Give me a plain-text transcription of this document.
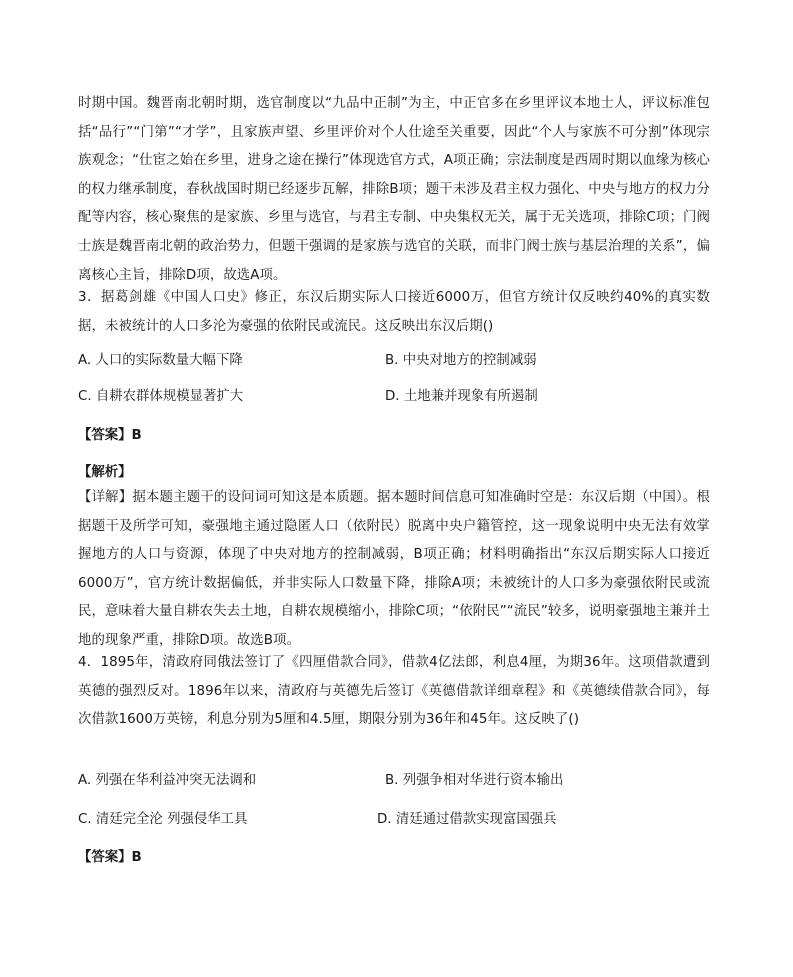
时期中国。魏晋南北朝时期，选官制度以“九品中正制”为主，中正官多在乡里评议本地士人，评议标准包括“品行”“门第”“才学”，且家族声望、乡里评价对个人仕途至关重要，因此“个人与家族不可分割”体现宗族观念；“仕宦之始在乡里，进身之途在操行”体现选官方式，A项正确；宗法制度是西周时期以血缘为核心的权力继承制度，春秋战国时期已经逐步瓦解，排除B项；题干未涉及君主权力强化、中央与地方的权力分配等内容，核心聚焦的是家族、乡里与选官，与君主专制、中央集权无关，属于无关选项，排除C项；门阀士族是魏晋南北朝的政治势力，但题干强调的是家族与选官的关联，而非门阀士族与基层治理的关系”，偏离核心主旨，排除D项，故选A项。

3．据葛剑雄《中国人口史》修正，东汉后期实际人口接近6000万，但官方统计仅反映约40%的真实数据，未被统计的人口多沦为豪强的依附民或流民。这反映出东汉后期()

A. 人口的实际数量大幅下降	B. 中央对地方的控制减弱

C. 自耕农群体规模显著扩大	D. 土地兼并现象有所遏制

【答案】B

【解析】

【详解】据本题主题干的设问词可知这是本质题。据本题时间信息可知准确时空是：东汉后期（中国）。根据题干及所学可知，豪强地主通过隐匿人口（依附民）脱离中央户籍管控，这一现象说明中央无法有效掌握地方的人口与资源，体现了中央对地方的控制减弱，B项正确；材料明确指出“东汉后期实际人口接近6000万”，官方统计数据偏低，并非实际人口数量下降，排除A项；未被统计的人口多为豪强依附民或流民，意味着大量自耕农失去土地，自耕农规模缩小，排除C项；“依附民”“流民”较多，说明豪强地主兼并土地的现象严重，排除D项。故选B项。

4．1895年，清政府同俄法签订了《四厘借款合同》，借款4亿法郎，利息4厘，为期36年。这项借款遭到英德的强烈反对。1896年以来，清政府与英德先后签订《英德借款详细章程》和《英德续借款合同》，每次借款1600万英镑，利息分别为5厘和4.5厘，期限分别为36年和45年。这反映了()

A. 列强在华利益冲突无法调和	B. 列强争相对华进行资本输出

C. 清廷完全沦 列强侵华工具	D. 清廷通过借款实现富国强兵

【答案】B
